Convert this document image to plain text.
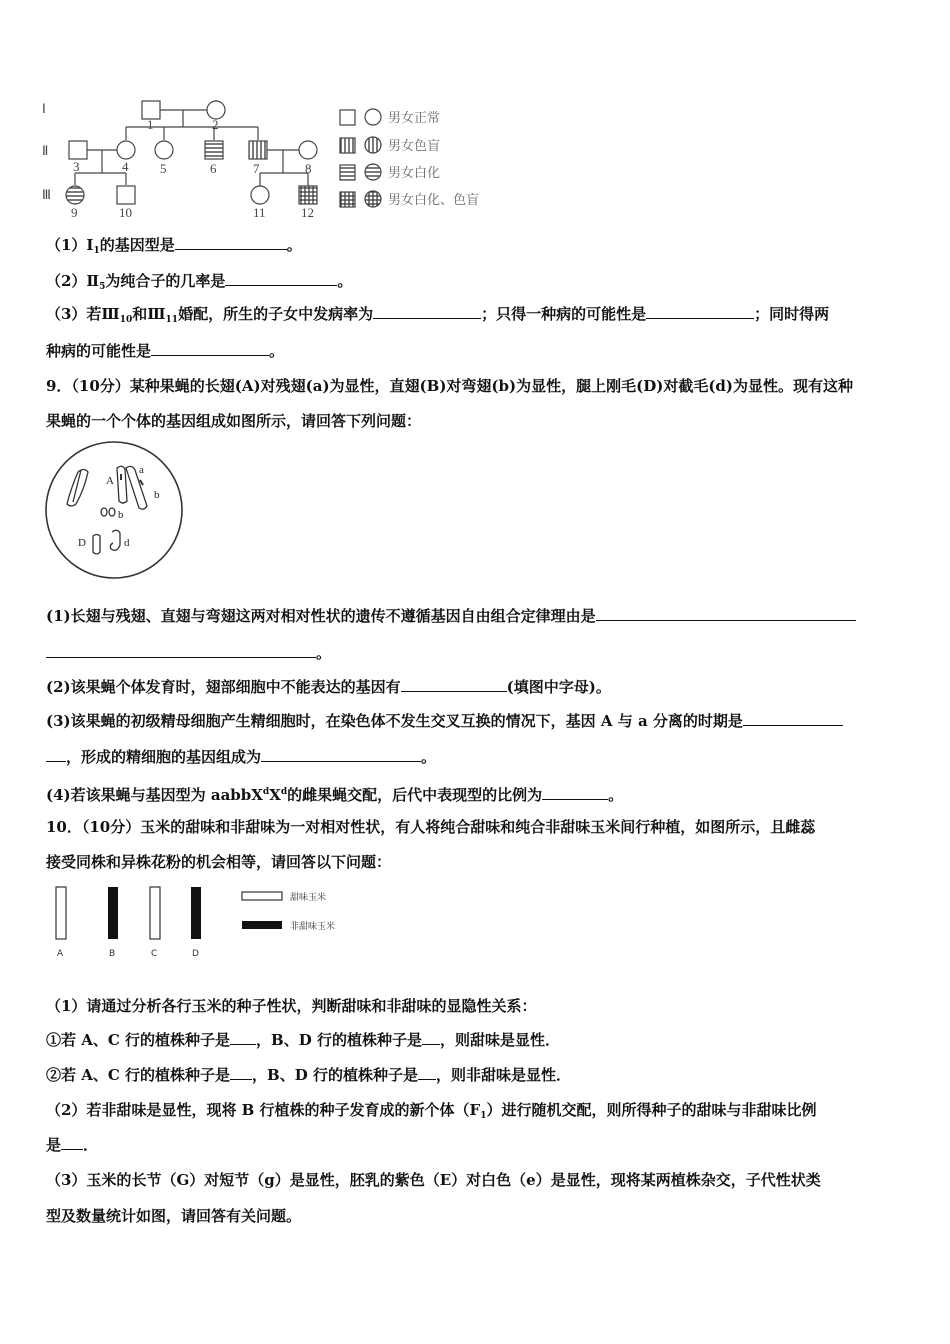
Ⅰ
Ⅱ
Ⅲ
1	2
3	4 5	6	7	8
9	10	11	12
男女正常
男女色盲
男女白化
男女白化、色盲
$(1)Ⅰ_1$的基因型是	。
$(2)Ⅱ_5$为纯合子的几率是	。
（3）若$Ⅲ_{10}$和$Ⅲ_{11}$婚配，所生的子女中发病率为	；只得一种病的可能性是	；同时得两
种病的可能性是	。
9．（10分）某种果蝇的长翅(A)对残翅(a)为显性，直翅(B)对弯翅(b)为显性，腿上刚毛(D)对截毛(d)为显性。现有这种
果蝇的一个个体的基因组成如图所示，请回答下列问题：
A
a
b
b
D	d
(1)长翅与残翅、直翅与弯翅这两对相对性状的遗传不遵循基因自由组合定律理由是
。
(2)该果蝇个体发育时，翅部细胞中不能表达的基因有	(填图中字母)。
(3)该果蝇的初级精母细胞产生精细胞时，在染色体不发生交叉互换的情况下，基因 A 与 a 分离的时期是
，形成的精细胞的基因组成为	。
(4)若该果蝇与基因型为 $aabbX^dX^d$的雌果蝇交配，后代中表现型的比例为	。
10．（10分）玉米的甜味和非甜味为一对相对性状，有人将纯合甜味和纯合非甜味玉米间行种植，如图所示，且雌蕊
接受同株和异株花粉的机会相等，请回答以下问题：
A	B	C	D
甜味玉米
非甜味玉米
（1）请通过分析各行玉米的种子性状，判断甜味和非甜味的显隐性关系：
①若 A、C 行的植株种子是 ，B、D 行的植株种子是 ，则甜味是显性．
②若 A、C 行的植株种子是 ，B、D 行的植株种子是 ，则非甜味是显性．
（2）若非甜味是显性，现将 B 行植株的种子发育成的新个体$(F_1)$进行随机交配，则所得种子的甜味与非甜味比例
是 ．
（3）玉米的长节（G）对短节（g）是显性，胚乳的紫色（E）对白色（e）是显性，现将某两植株杂交，子代性状类
型及数量统计如图，请回答有关问题。
